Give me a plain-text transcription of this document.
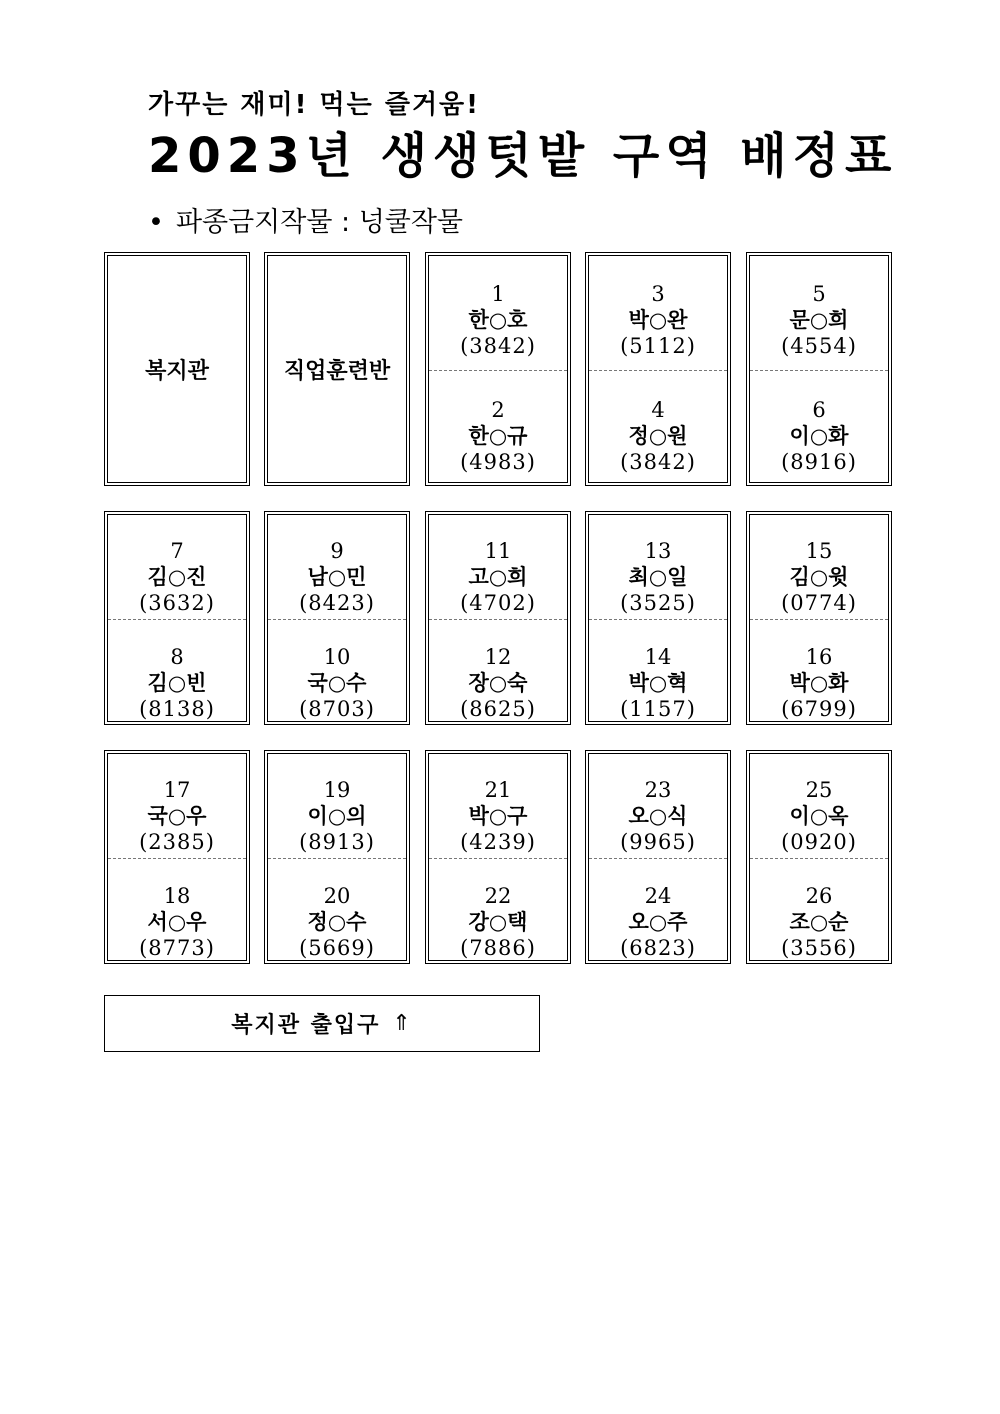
가꾸는 재미! 먹는 즐거움!
2023년 생생텃밭 구역 배정표
• 파종금지작물 : 넝쿨작물
복지관	직업훈련반
1
한○호
(3842)
2
한○규
(4983)
3
박○완
(5112)
4
정○원
(3842)
5
문○희
(4554)
6
이○화
(8916)
7
김○진
(3632)
8
김○빈
(8138)
9
남○민
(8423)
10
국○수
(8703)
11
고○희
(4702)
12
장○숙
(8625)
13
최○일
(3525)
14
박○혁
(1157)
15
김○윗
(0774)
16
박○화
(6799)
17
국○우
(2385)
18
서○우
(8773)
19
이○의
(8913)
20
정○수
(5669)
21
박○구
(4239)
22
강○택
(7886)
23
오○식
(9965)
24
오○주
(6823)
25
이○옥
(0920)
26
조○순
(3556)
복지관 출입구 ⇑
